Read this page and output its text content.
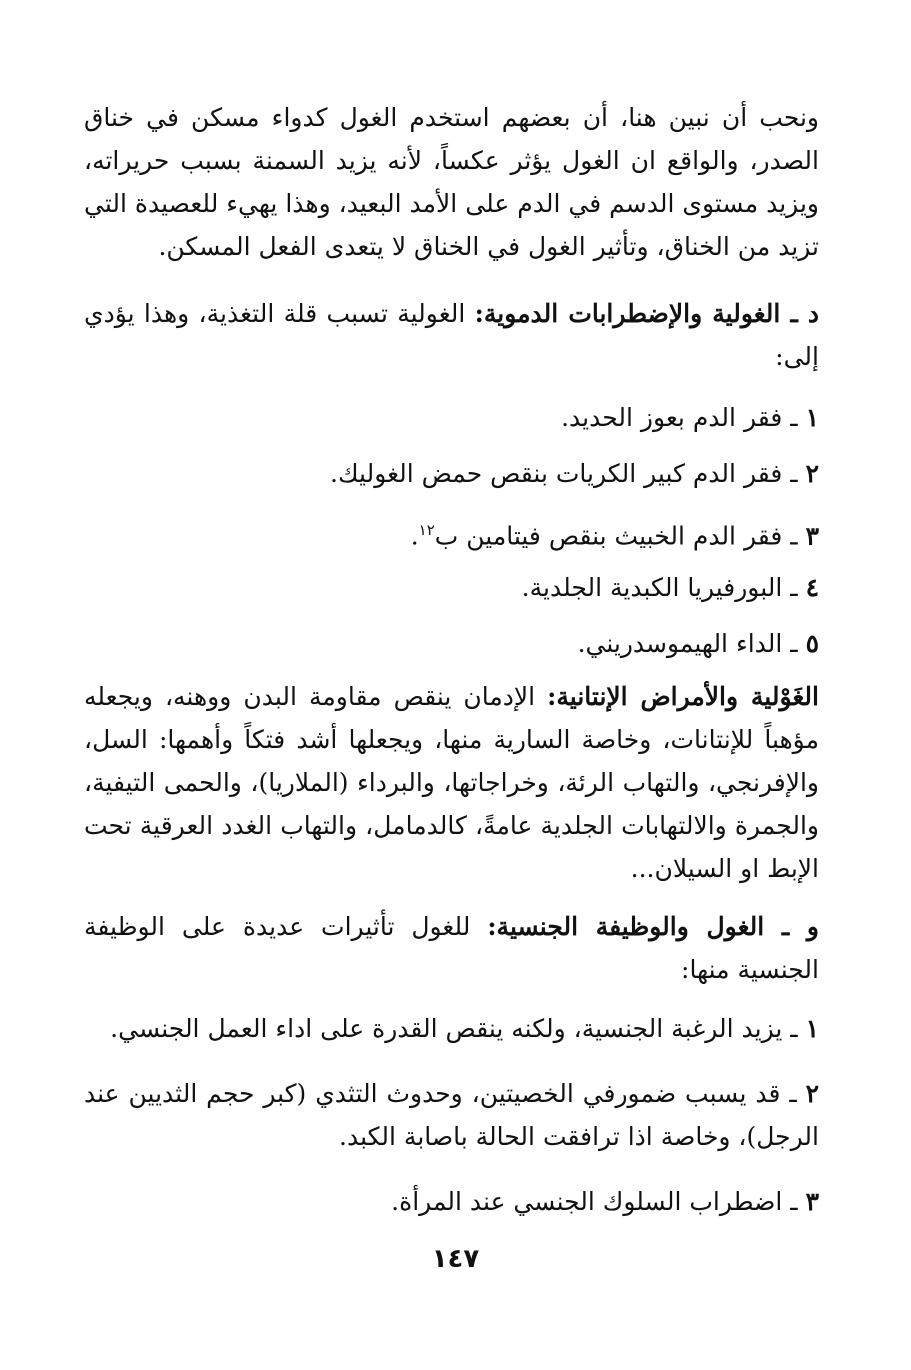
ونحب أن نبين هنا، أن بعضهم استخدم الغول كدواء مسكن في خناق الصدر، والواقع ان الغول يؤثر عكساً، لأنه يزيد السمنة بسبب حريراته، ويزيد مستوى الدسم في الدم على الأمد البعيد، وهذا يهيء للعصيدة التي تزيد من الخناق، وتأثير الغول في الخناق لا يتعدى الفعل المسكن.

د ـ الغولية والإضطرابات الدموية: الغولية تسبب قلة التغذية، وهذا يؤدي إلى:

١ ـ فقر الدم بعوز الحديد.
٢ ـ فقر الدم كبير الكريات بنقص حمض الغوليك.
٣ ـ فقر الدم الخبيث بنقص فيتامين ب$^{١٢}$.
٤ ـ البورفيريا الكبدية الجلدية.
٥ ـ الداء الهيموسدريني.

الغَوْلية والأمراض الإنتانية: الإدمان ينقص مقاومة البدن ووهنه، ويجعله مؤهباً للإنتانات، وخاصة السارية منها، ويجعلها أشد فتكاً وأهمها: السل، والإفرنجي، والتهاب الرئة، وخراجاتها، والبرداء (الملاريا)، والحمى التيفية، والجمرة والالتهابات الجلدية عامةً، كالدمامل، والتهاب الغدد العرقية تحت الإبط او السيلان...

و ـ الغول والوظيفة الجنسية: للغول تأثيرات عديدة على الوظيفة الجنسية منها:

١ ـ يزيد الرغبة الجنسية، ولكنه ينقص القدرة على اداء العمل الجنسي.
٢ ـ قد يسبب ضمورفي الخصيتين، وحدوث التثدي (كبر حجم الثديين عند الرجل)، وخاصة اذا ترافقت الحالة باصابة الكبد.
٣ ـ اضطراب السلوك الجنسي عند المرأة.
١٤٧
